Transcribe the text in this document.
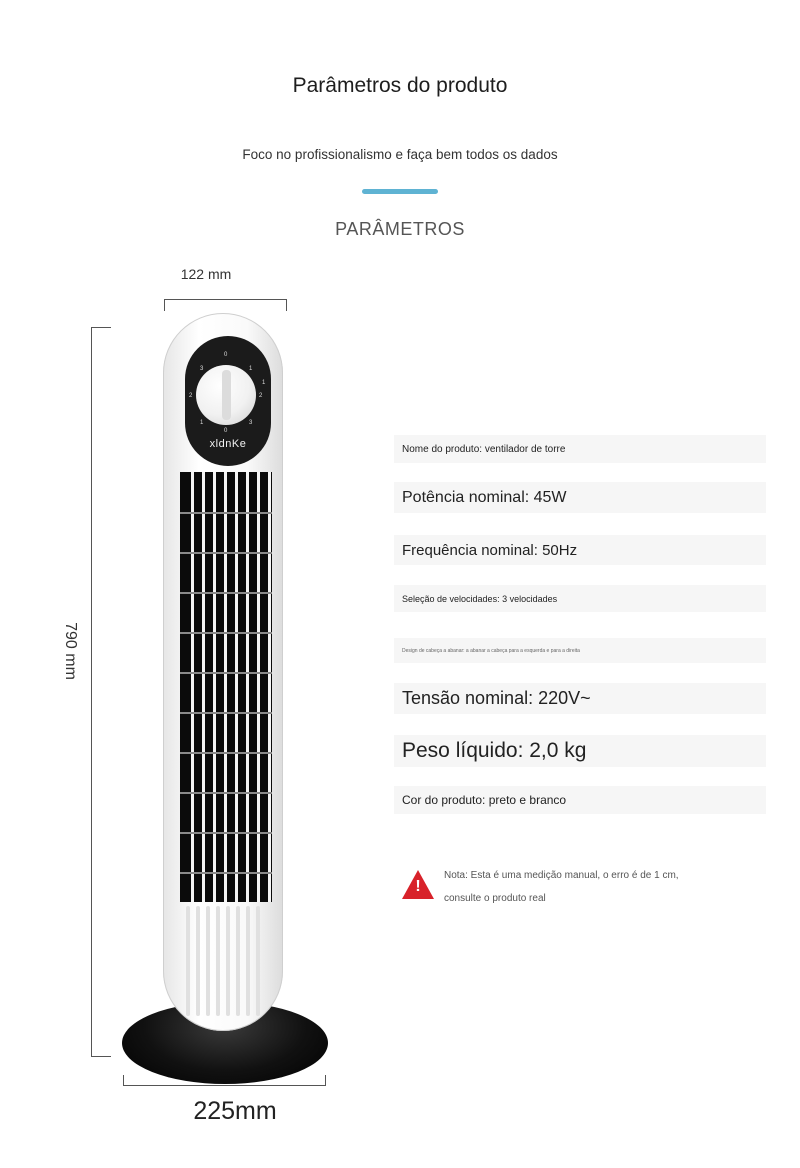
Parâmetros do produto
Foco no profissionalismo e faça bem todos os dados
PARÂMETROS
122 mm
790 mm
0
1
2
3
3
2
1
0
1
xldnKe
225mm
Nome do produto: ventilador de torre
Potência nominal: 45W
Frequência nominal: 50Hz
Seleção de velocidades: 3 velocidades
Design de cabeça a abanar: a abanar a cabeça para a esquerda e para a direita
Tensão nominal: 220V~
Peso líquido: 2,0 kg
Cor do produto: preto e branco
!
Nota: Esta é uma medição manual, o erro é de 1 cm,
consulte o produto real
